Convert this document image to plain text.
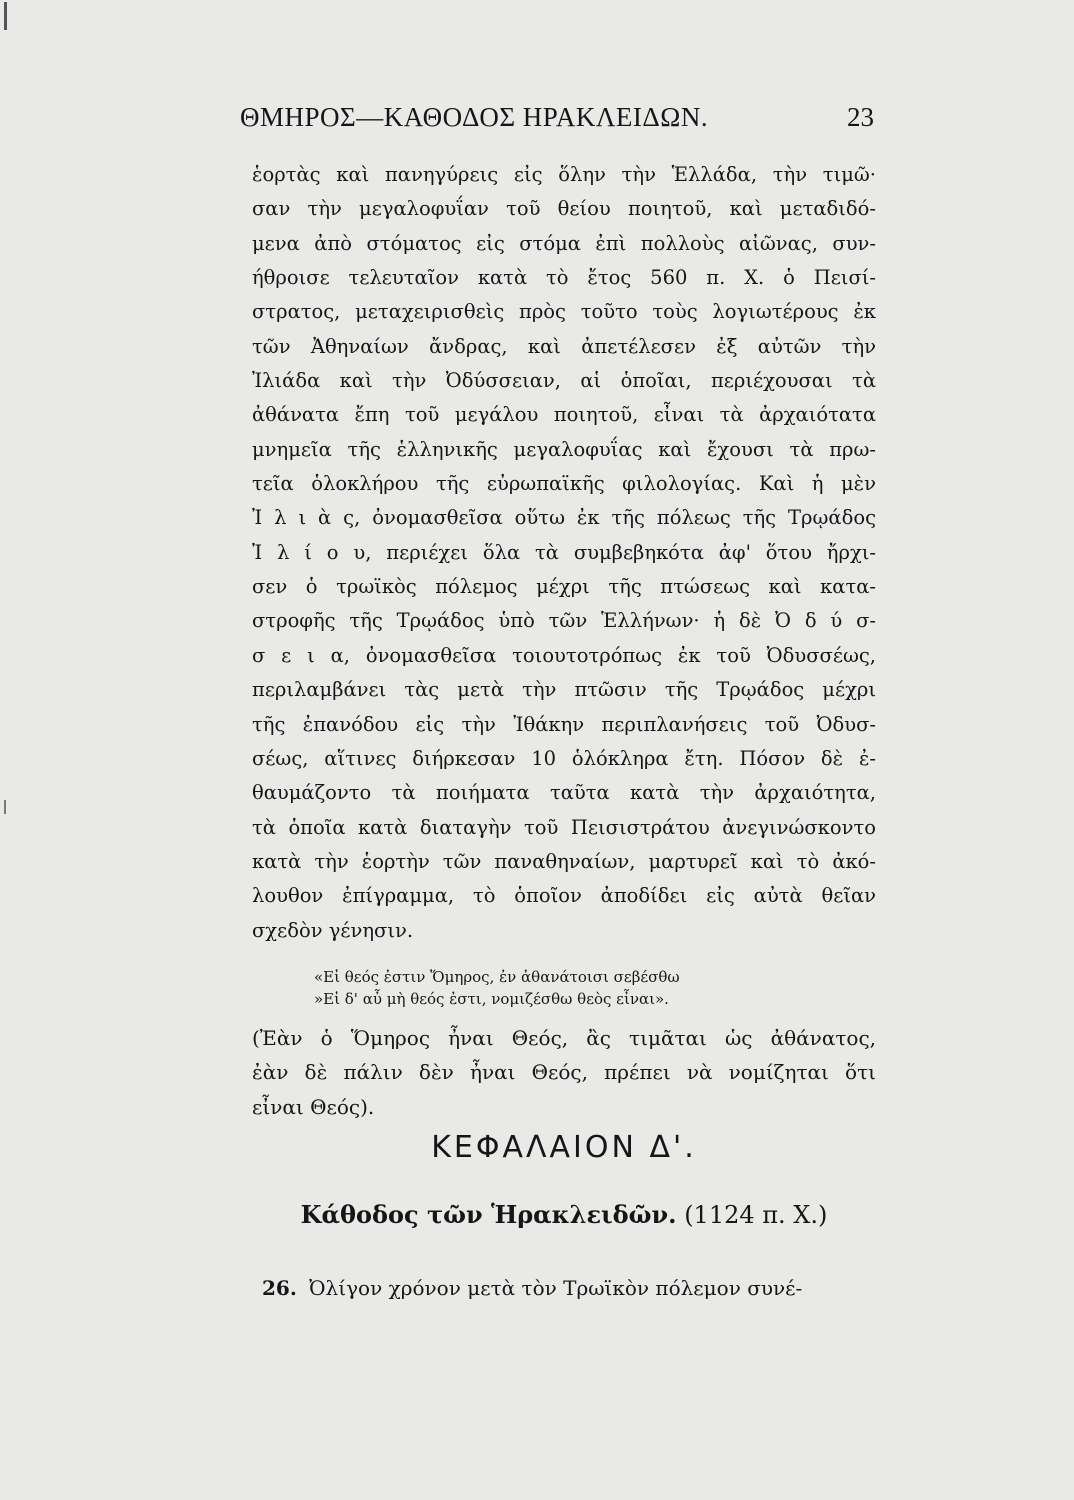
ΘΜΗΡΟΣ—ΚΑΘΟΔΟΣ ΗΡΑΚΛΕΙΔΩΝ.	23
ἑορτὰς καὶ πανηγύρεις εἰς ὅλην τὴν Ἑλλάδα, τὴν τιμῶ·
σαν τὴν μεγαλοφυΐαν τοῦ θείου ποιητοῦ, καὶ μεταδιδό-
μενα ἀπὸ στόματος εἰς στόμα ἐπὶ πολλοὺς αἰῶνας, συν-
ήθροισε τελευταῖον κατὰ τὸ ἔτος 560 π. Χ. ὁ Πεισί-
στρατος, μεταχειρισθεὶς πρὸς τοῦτο τοὺς λογιωτέρους ἐκ
τῶν Ἀθηναίων ἄνδρας, καὶ ἀπετέλεσεν ἐξ αὐτῶν τὴν
Ἰλιάδα καὶ τὴν Ὀδύσσειαν, αἱ ὁποῖαι, περιέχουσαι τὰ
ἀθάνατα ἔπη τοῦ μεγάλου ποιητοῦ, εἶναι τὰ ἀρχαιότατα
μνημεῖα τῆς ἑλληνικῆς μεγαλοφυΐας καὶ ἔχουσι τὰ πρω-
τεῖα ὁλοκλήρου τῆς εὐρωπαϊκῆς φιλολογίας. Καὶ ἡ μὲν
Ἰ λ ι ὰ ς, ὀνομασθεῖσα οὕτω ἐκ τῆς πόλεως τῆς Τρῳάδος
Ἰ λ ί ο υ, περιέχει ὅλα τὰ συμβεβηκότα ἀφ' ὅτου ἤρχι-
σεν ὁ τρωϊκὸς πόλεμος μέχρι τῆς πτώσεως καὶ κατα-
στροφῆς τῆς Τρῳάδος ὑπὸ τῶν Ἑλλήνων· ἡ δὲ Ὀ δ ύ σ-
σ ε ι α, ὀνομασθεῖσα τοιουτοτρόπως ἐκ τοῦ Ὀδυσσέως,
περιλαμβάνει τὰς μετὰ τὴν πτῶσιν τῆς Τρῳάδος μέχρι
τῆς ἐπανόδου εἰς τὴν Ἰθάκην περιπλανήσεις τοῦ Ὀδυσ-
σέως, αἵτινες διήρκεσαν 10 ὁλόκληρα ἔτη. Πόσον δὲ ἐ-
θαυμάζοντο τὰ ποιήματα ταῦτα κατὰ τὴν ἀρχαιότητα,
τὰ ὁποῖα κατὰ διαταγὴν τοῦ Πεισιστράτου ἀνεγινώσκοντο
κατὰ τὴν ἑορτὴν τῶν παναθηναίων, μαρτυρεῖ καὶ τὸ ἀκό-
λουθον ἐπίγραμμα, τὸ ὁποῖον ἀποδίδει εἰς αὐτὰ θεῖαν
σχεδὸν γένησιν.
«Εἰ θεός ἐστιν Ὅμηρος, ἐν ἀθανάτοισι σεβέσθω
»Εἰ δ' αὖ μὴ θεός ἐστι, νομιζέσθω θεὸς εἶναι».
(Ἐὰν ὁ Ὅμηρος ἦναι Θεός, ἂς τιμᾶται ὡς ἀθάνατος,
ἐὰν δὲ πάλιν δὲν ἦναι Θεός, πρέπει νὰ νομίζηται ὅτι
εἶναι Θεός).
ΚΕΦΑΛΑΙΟΝ Δ'.
Κάθοδος τῶν Ἡρακλειδῶν. (1124 π. Χ.)
26. Ὀλίγον χρόνον μετὰ τὸν Τρωϊκὸν πόλεμον συνέ-
